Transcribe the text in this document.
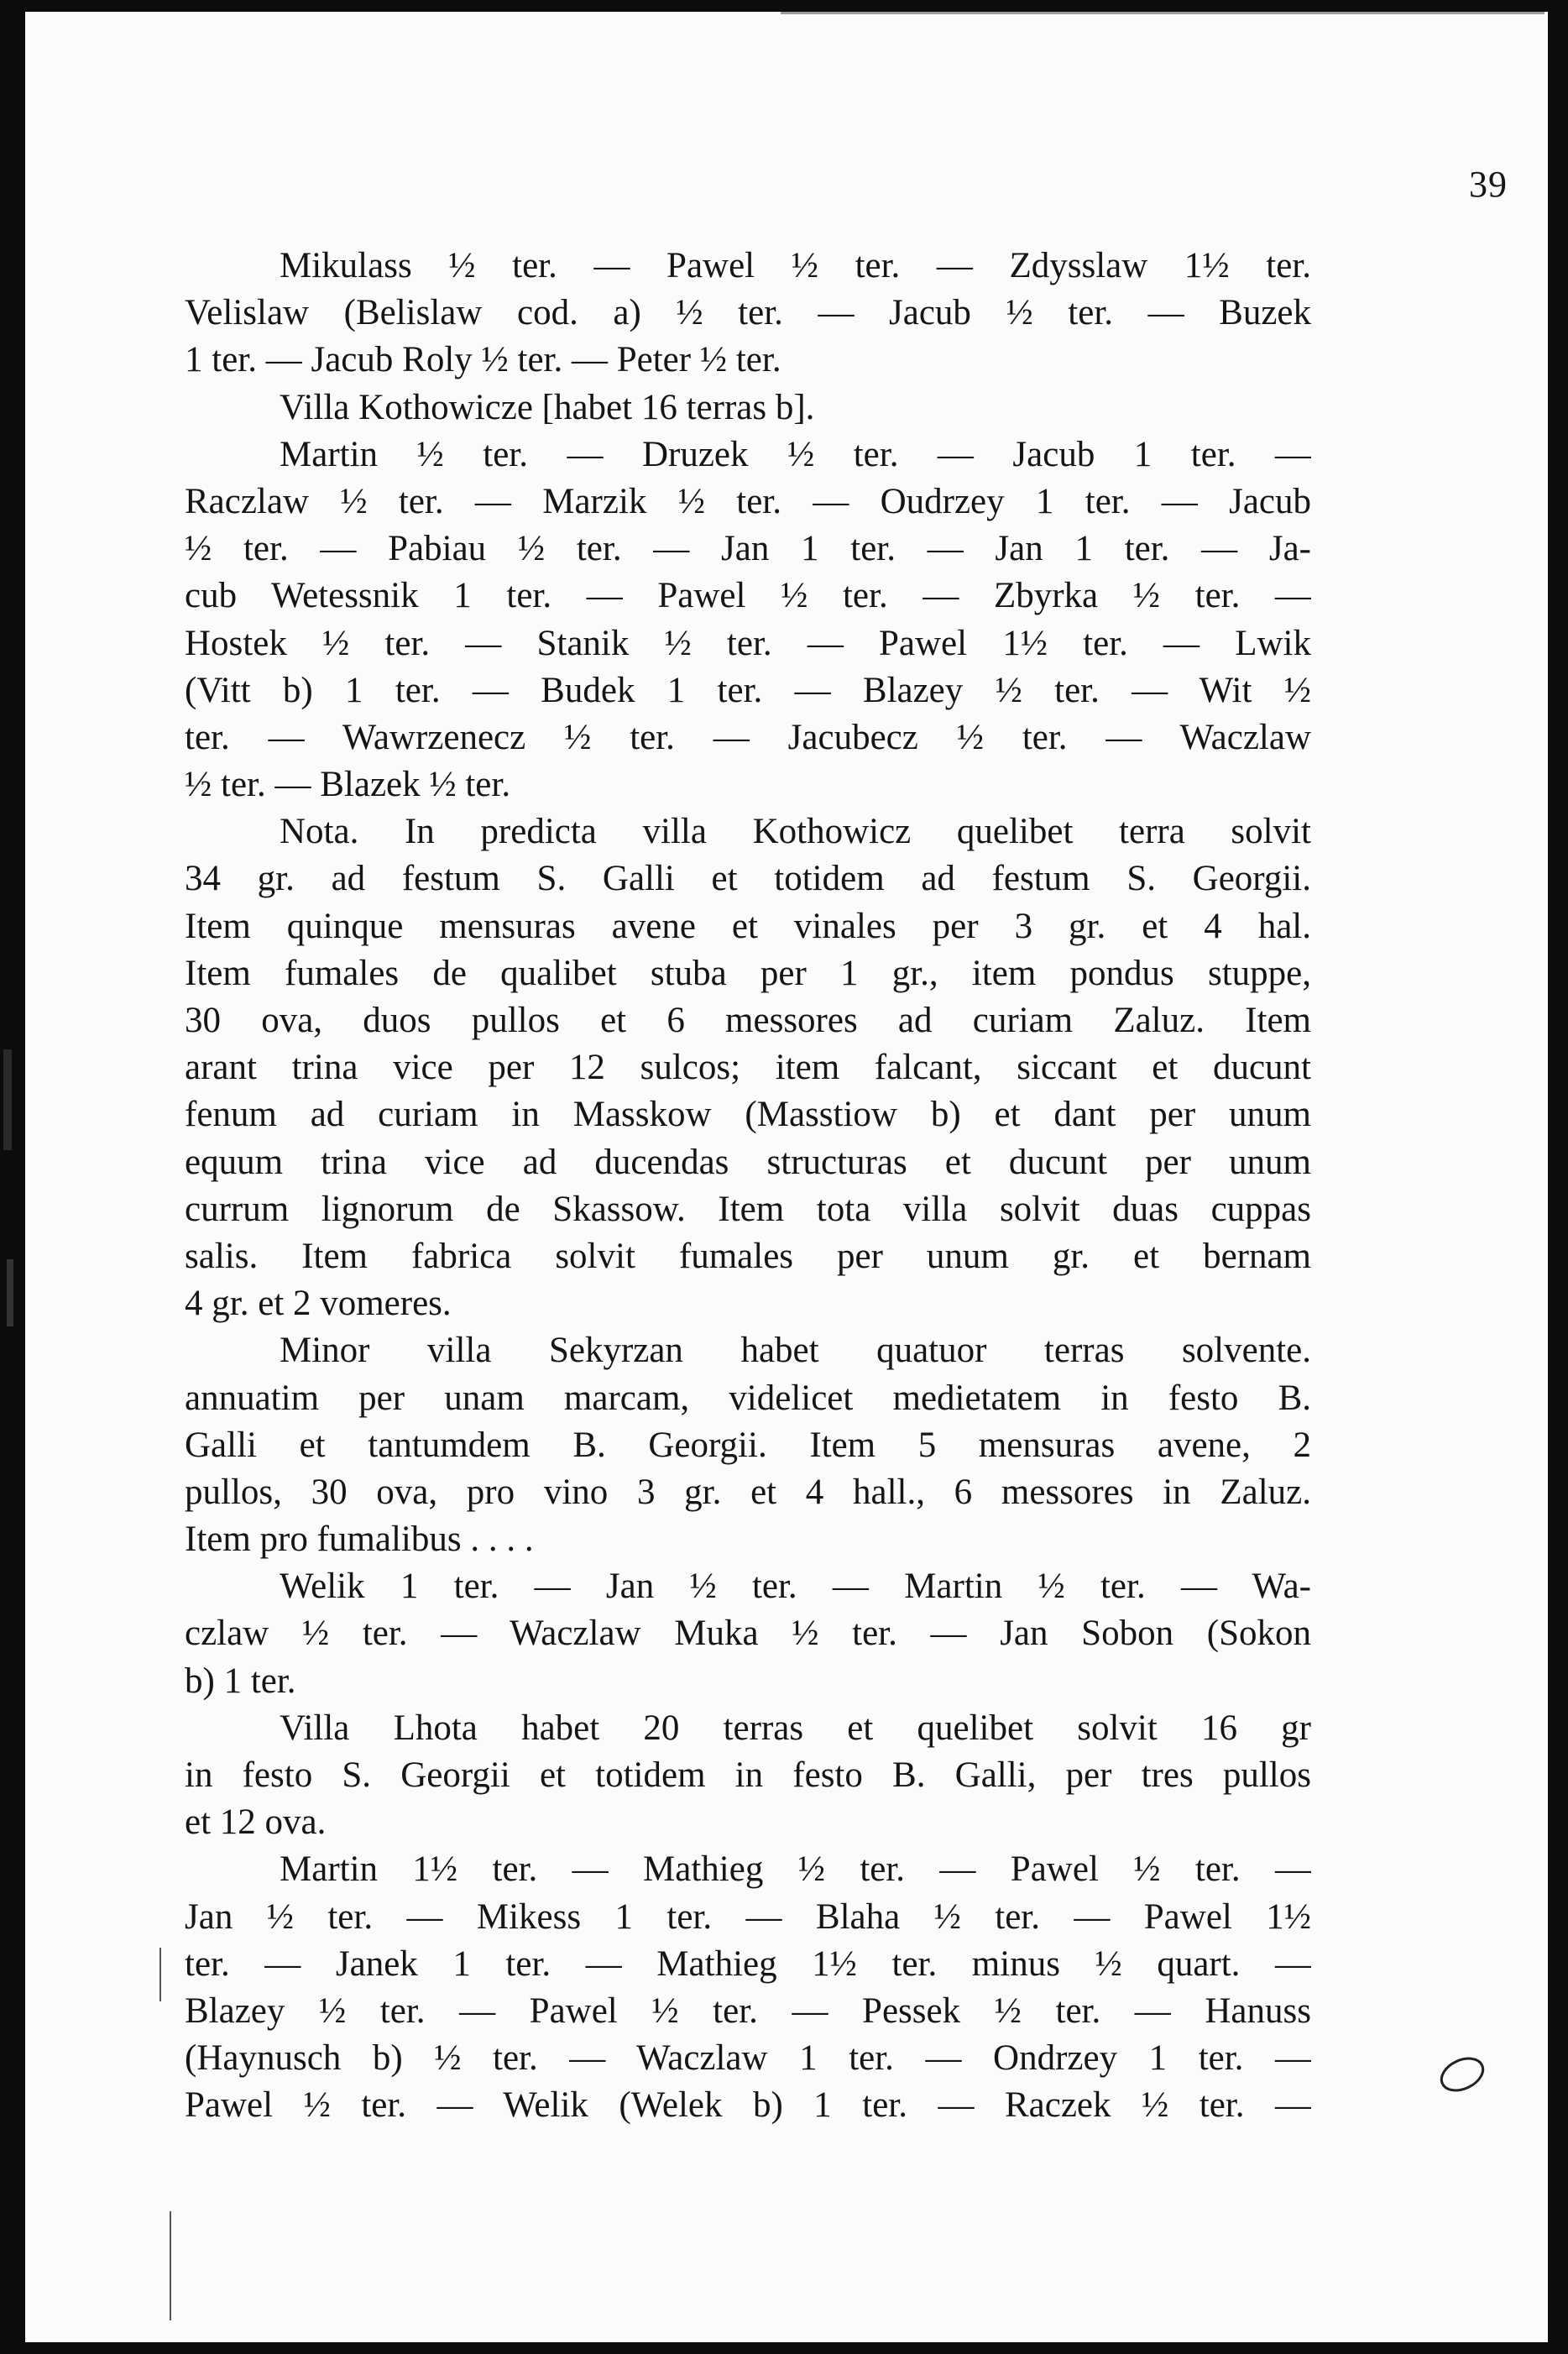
39
Mikulass ½ ter. — Pawel ½ ter. — Zdysslaw 1½ ter.
Velislaw (Belislaw cod. a) ½ ter. — Jacub ½ ter. — Buzek
1 ter. — Jacub Roly ½ ter. — Peter ½ ter.
Villa Kothowicze [habet 16 terras b].
Martin ½ ter. — Druzek ½ ter. — Jacub 1 ter. —
Raczlaw ½ ter. — Marzik ½ ter. — Oudrzey 1 ter. — Jacub
½ ter. — Pabiau ½ ter. — Jan 1 ter. — Jan 1 ter. — Ja-
cub Wetessnik 1 ter. — Pawel ½ ter. — Zbyrka ½ ter. —
Hostek ½ ter. — Stanik ½ ter. — Pawel 1½ ter. — Lwik
(Vitt b) 1 ter. — Budek 1 ter. — Blazey ½ ter. — Wit ½
ter. — Wawrzenecz ½ ter. — Jacubecz ½ ter. — Waczlaw
½ ter. — Blazek ½ ter.
Nota. In predicta villa Kothowicz quelibet terra solvit
34 gr. ad festum S. Galli et totidem ad festum S. Georgii.
Item quinque mensuras avene et vinales per 3 gr. et 4 hal.
Item fumales de qualibet stuba per 1 gr., item pondus stuppe,
30 ova, duos pullos et 6 messores ad curiam Zaluz. Item
arant trina vice per 12 sulcos; item falcant, siccant et ducunt
fenum ad curiam in Masskow (Masstiow b) et dant per unum
equum trina vice ad ducendas structuras et ducunt per unum
currum lignorum de Skassow. Item tota villa solvit duas cuppas
salis. Item fabrica solvit fumales per unum gr. et bernam
4 gr. et 2 vomeres.
Minor villa Sekyrzan habet quatuor terras solvente.
annuatim per unam marcam, videlicet medietatem in festo B.
Galli et tantumdem B. Georgii. Item 5 mensuras avene, 2
pullos, 30 ova, pro vino 3 gr. et 4 hall., 6 messores in Zaluz.
Item pro fumalibus . . . .
Welik 1 ter. — Jan ½ ter. — Martin ½ ter. — Wa-
czlaw ½ ter. — Waczlaw Muka ½ ter. — Jan Sobon (Sokon
b) 1 ter.
Villa Lhota habet 20 terras et quelibet solvit 16 gr
in festo S. Georgii et totidem in festo B. Galli, per tres pullos
et 12 ova.
Martin 1½ ter. — Mathieg ½ ter. — Pawel ½ ter. —
Jan ½ ter. — Mikess 1 ter. — Blaha ½ ter. — Pawel 1½
ter. — Janek 1 ter. — Mathieg 1½ ter. minus ½ quart. —
Blazey ½ ter. — Pawel ½ ter. — Pessek ½ ter. — Hanuss
(Haynusch b) ½ ter. — Waczlaw 1 ter. — Ondrzey 1 ter. —
Pawel ½ ter. — Welik (Welek b) 1 ter. — Raczek ½ ter. —
